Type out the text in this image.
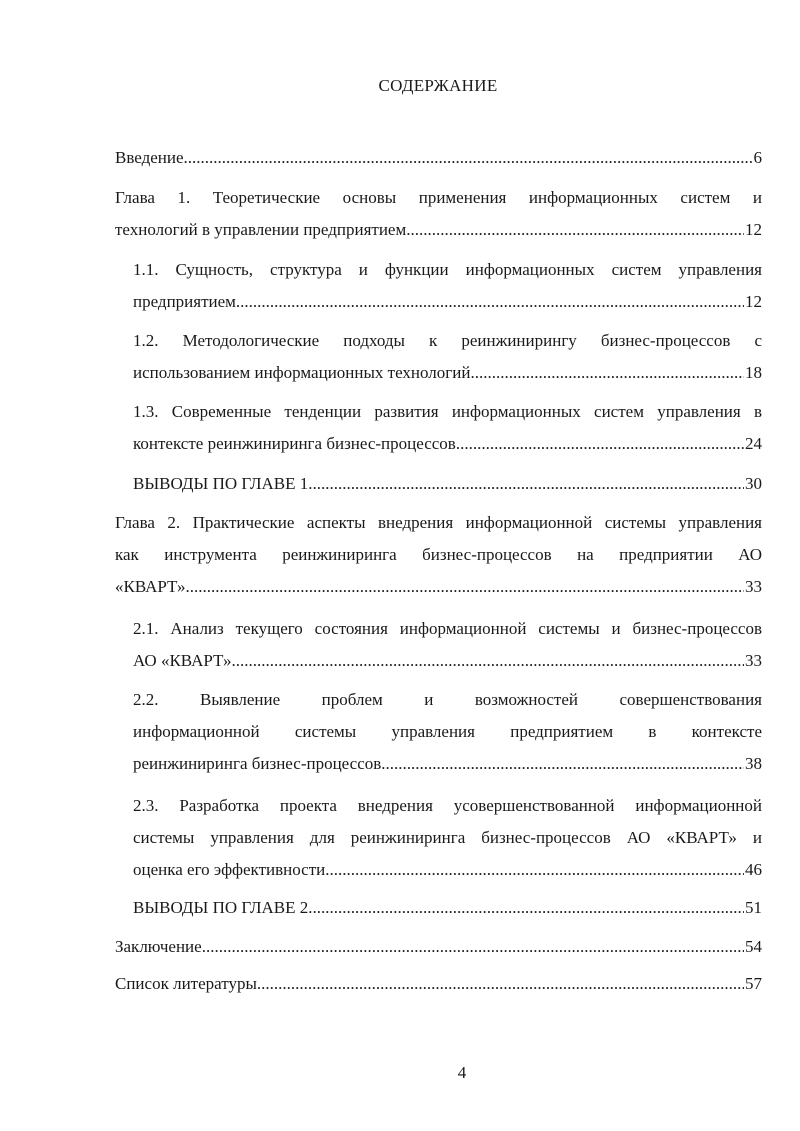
СОДЕРЖАНИЕ
Введение .....	6
Глава 1. Теоретические основы применения информационных систем и
технологий в управлении предприятием .....	12
1.1. Сущность, структура и функции информационных систем управления
предприятием .....	12
1.2. Методологические подходы к реинжинирингу бизнес-процессов с
использованием информационных технологий .....	18
1.3. Современные тенденции развития информационных систем управления в
контексте реинжиниринга бизнес-процессов .....	24
ВЫВОДЫ ПО ГЛАВЕ 1 .....	30
Глава 2. Практические аспекты внедрения информационной системы управления
как инструмента реинжиниринга бизнес-процессов на предприятии АО
«КВАРТ» .....	33
2.1. Анализ текущего состояния информационной системы и бизнес-процессов
АО «КВАРТ» .....	33
2.2. Выявление проблем и возможностей совершенствования
информационной системы управления предприятием в контексте
реинжиниринга бизнес-процессов .....	38
2.3. Разработка проекта внедрения усовершенствованной информационной
системы управления для реинжиниринга бизнес-процессов АО «КВАРТ» и
оценка его эффективности .....	46
ВЫВОДЫ ПО ГЛАВЕ 2 .....	51
Заключение .....	54
Список литературы .....	57
4
